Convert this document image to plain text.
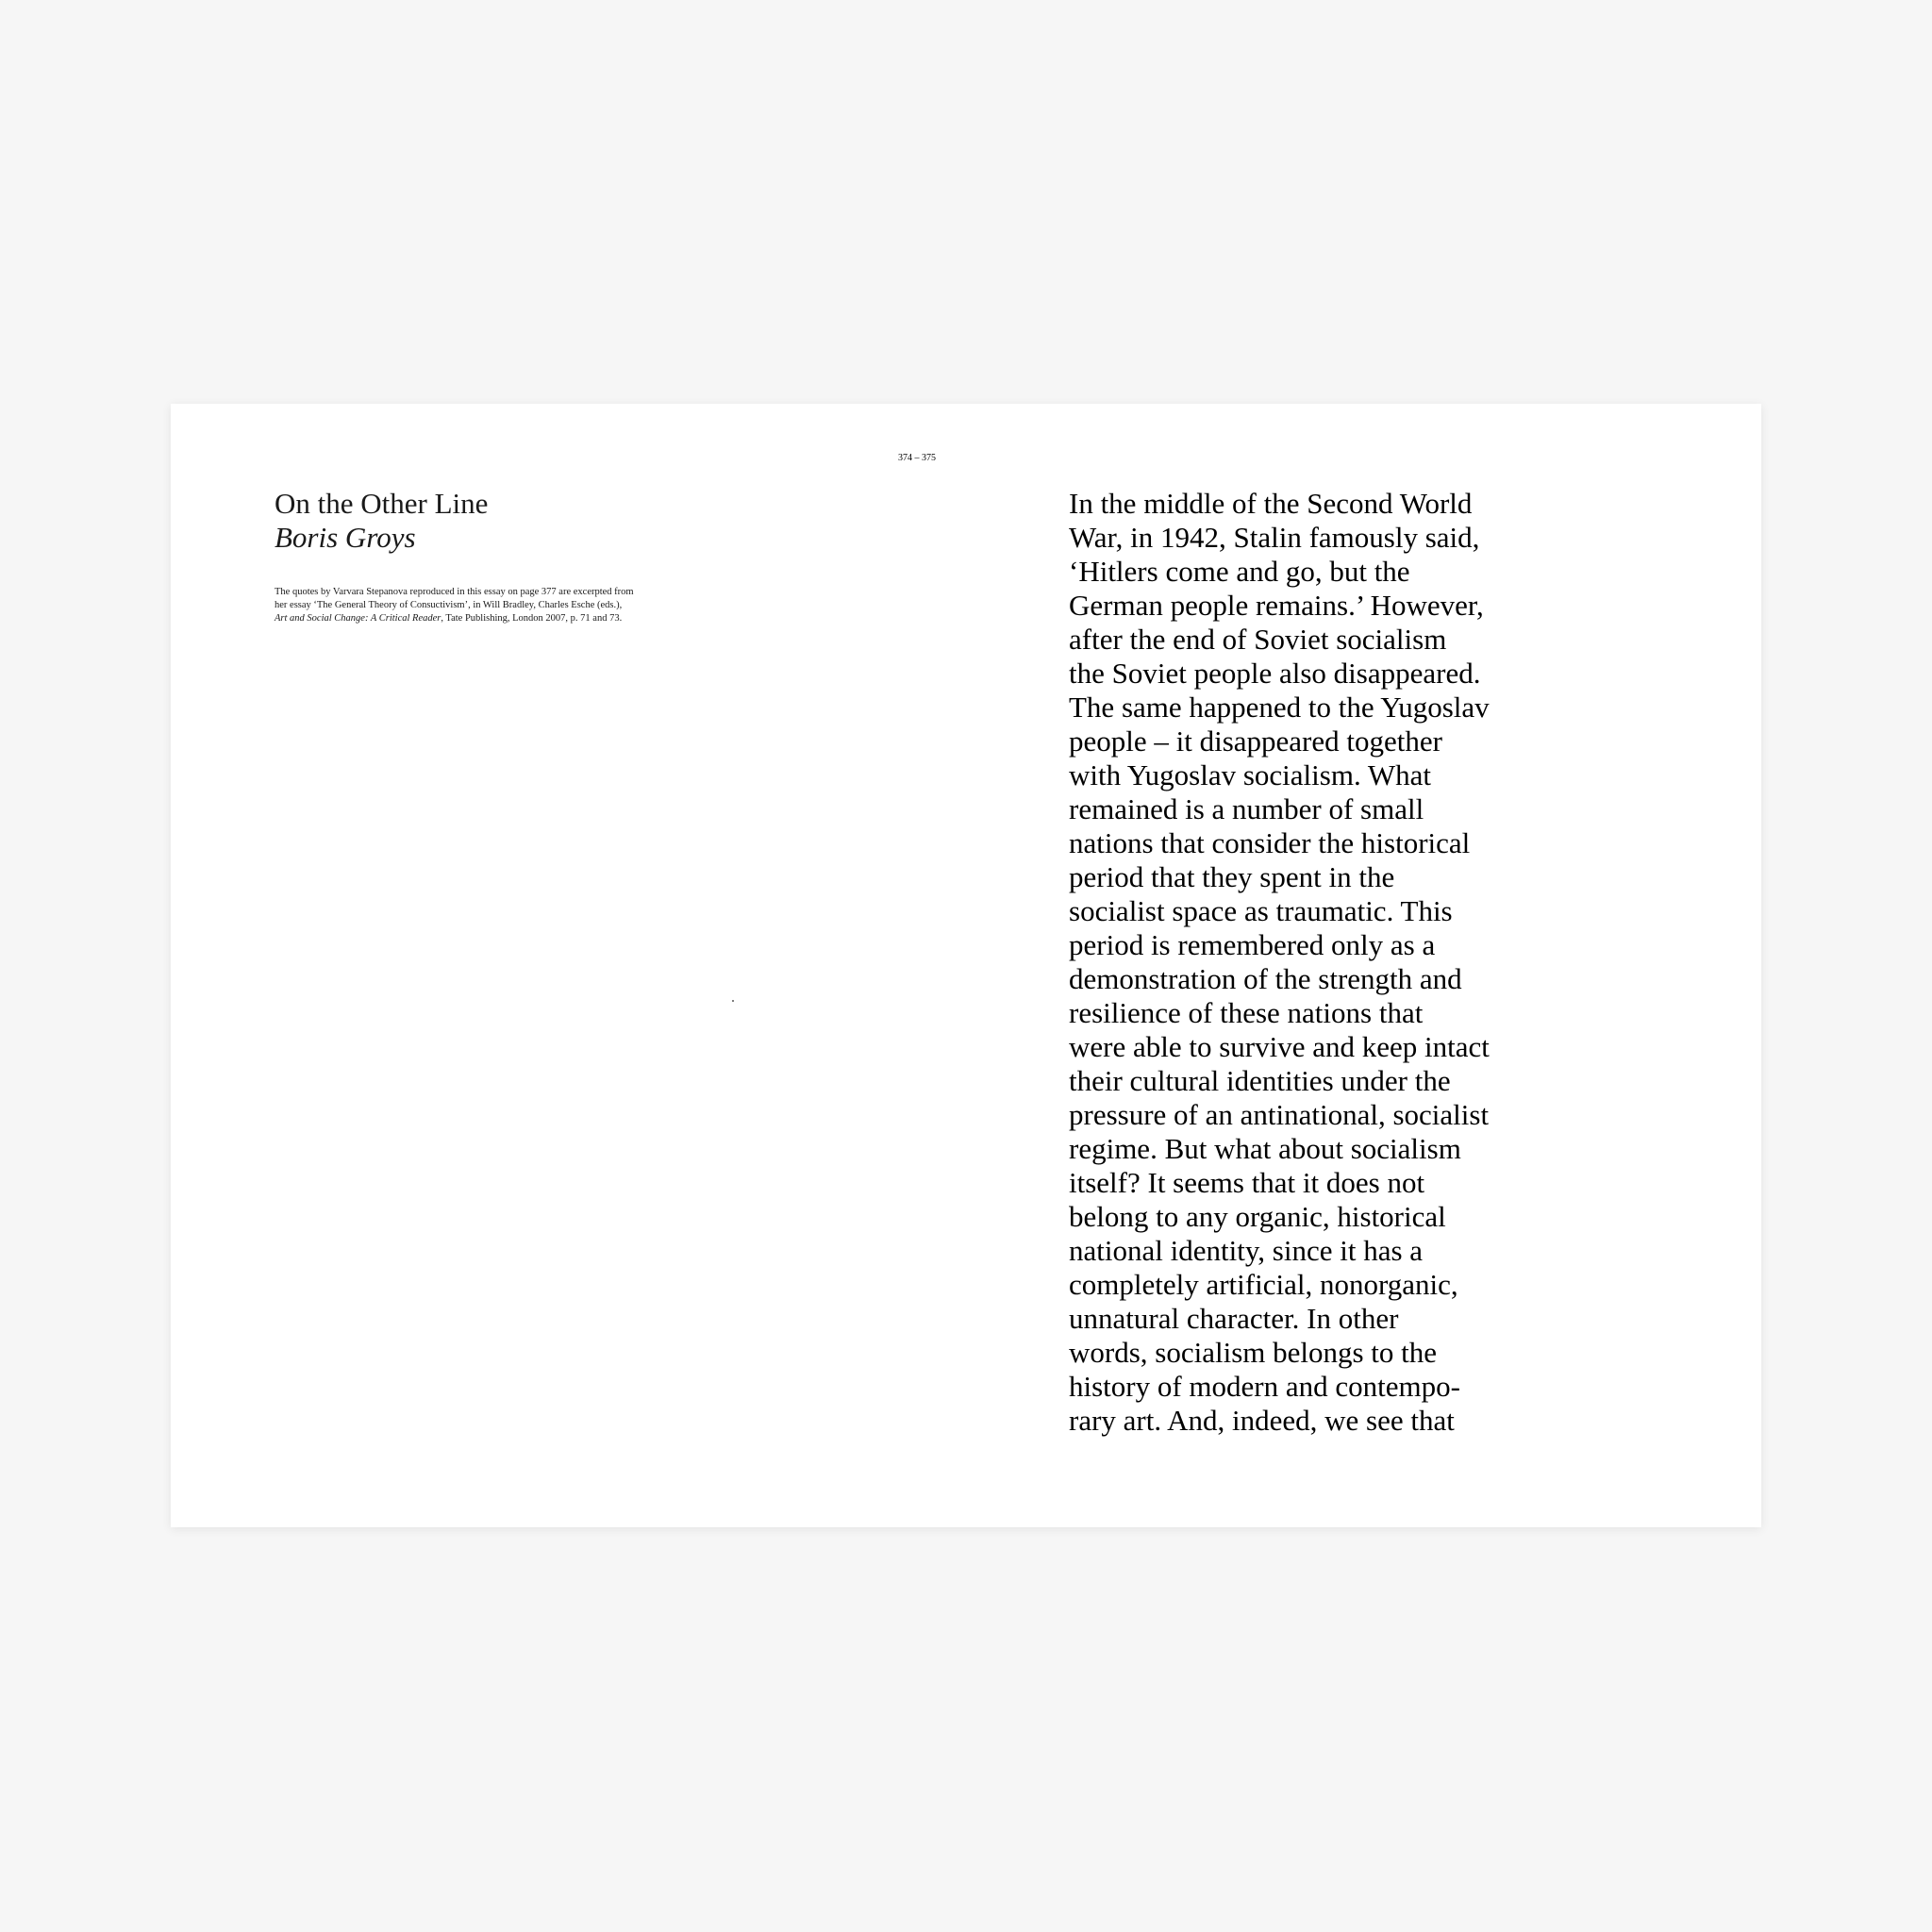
On the Other Line
Boris Groys
The quotes by Varvara Stepanova reproduced in this essay on page 377 are excerpted from
her essay ‘The General Theory of Consuctivism’, in Will Bradley, Charles Esche (eds.),
Art and Social Change: A Critical Reader, Tate Publishing, London 2007, p. 71 and 73.
374 – 375
In the middle of the Second World
War, in 1942, Stalin famously said,
‘Hitlers come and go, but the
German people remains.’ However,
after the end of Soviet socialism
the Soviet people also disappeared.
The same happened to the Yugoslav
people – it disappeared together
with Yugoslav socialism. What
remained is a number of small
nations that consider the historical
period that they spent in the
socialist space as traumatic. This
period is remembered only as a
demonstration of the strength and
resilience of these nations that
were able to survive and keep intact
their cultural identities under the
pressure of an antinational, socialist
regime. But what about socialism
itself? It seems that it does not
belong to any organic, historical
national identity, since it has a
completely artificial, nonorganic,
unnatural character. In other
words, socialism belongs to the
history of modern and contempo-
rary art. And, indeed, we see that
